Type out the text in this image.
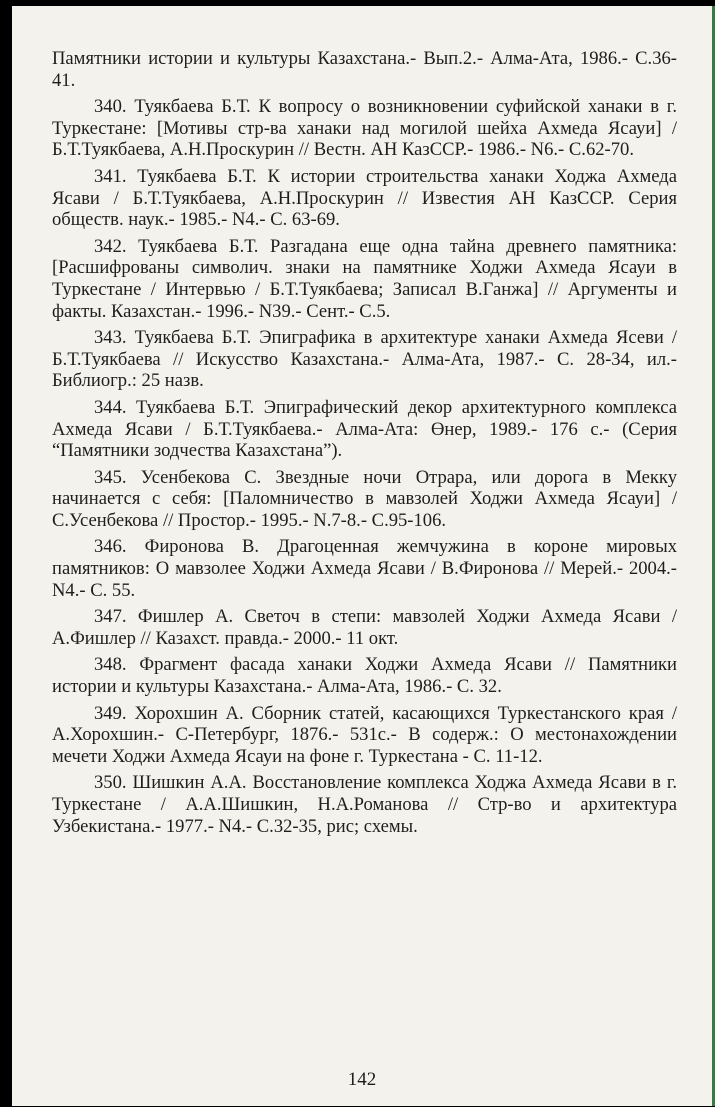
Памятники истории и культуры Казахстана.- Вып.2.- Алма-Ата, 1986.- С.36-41.

340. Туякбаева Б.Т. К вопросу о возникновении суфийской ханаки в г. Туркестане: [Мотивы стр-ва ханаки над могилой шейха Ахмеда Ясауи] / Б.Т.Туякбаева, А.Н.Проскурин // Вестн. АН КазССР.- 1986.- N6.- С.62-70.

341. Туякбаева Б.Т. К истории строительства ханаки Ходжа Ахмеда Ясави / Б.Т.Туякбаева, А.Н.Проскурин // Известия АН КазССР. Серия обществ. наук.- 1985.- N4.- С. 63-69.

342. Туякбаева Б.Т. Разгадана еще одна тайна древнего памятника: [Расшифрованы символич. знаки на памятнике Ходжи Ахмеда Ясауи в Туркестане / Интервью / Б.Т.Туякбаева; Записал В.Ганжа] // Аргументы и факты. Казахстан.- 1996.- N39.- Сент.- С.5.

343. Туякбаева Б.Т. Эпиграфика в архитектуре ханаки Ахмеда Ясеви / Б.Т.Туякбаева // Искусство Казахстана.- Алма-Ата, 1987.- С. 28-34, ил.- Библиогр.: 25 назв.

344. Туякбаева Б.Т. Эпиграфический декор архитектурного комплекса Ахмеда Ясави / Б.Т.Туякбаева.- Алма-Ата: Өнер, 1989.- 176 с.- (Серия “Памятники зодчества Казахстана”).

345. Усенбекова С. Звездные ночи Отрара, или дорога в Мекку начинается с себя: [Паломничество в мавзолей Ходжи Ахмеда Ясауи] / С.Усенбекова // Простор.- 1995.- N.7-8.- С.95-106.

346. Фиронова В. Драгоценная жемчужина в короне мировых памятников: О мавзолее Ходжи Ахмеда Ясави / В.Фиронова // Мерей.- 2004.- N4.- С. 55.

347. Фишлер А. Светоч в степи: мавзолей Ходжи Ахмеда Ясави / А.Фишлер // Казахст. правда.- 2000.- 11 окт.

348. Фрагмент фасада ханаки Ходжи Ахмеда Ясави // Памятники истории и культуры Казахстана.- Алма-Ата, 1986.- С. 32.

349. Хорохшин А. Сборник статей, касающихся Туркестанского края / А.Хорохшин.- С-Петербург, 1876.- 531с.- В содерж.: О местонахождении мечети Ходжи Ахмеда Ясауи на фоне г. Туркестана - С. 11-12.

350. Шишкин А.А. Восстановление комплекса Ходжа Ахмеда Ясави в г. Туркестане / А.А.Шишкин, Н.А.Романова // Стр-во и архитектура Узбекистана.- 1977.- N4.- С.32-35, рис; схемы.

142
